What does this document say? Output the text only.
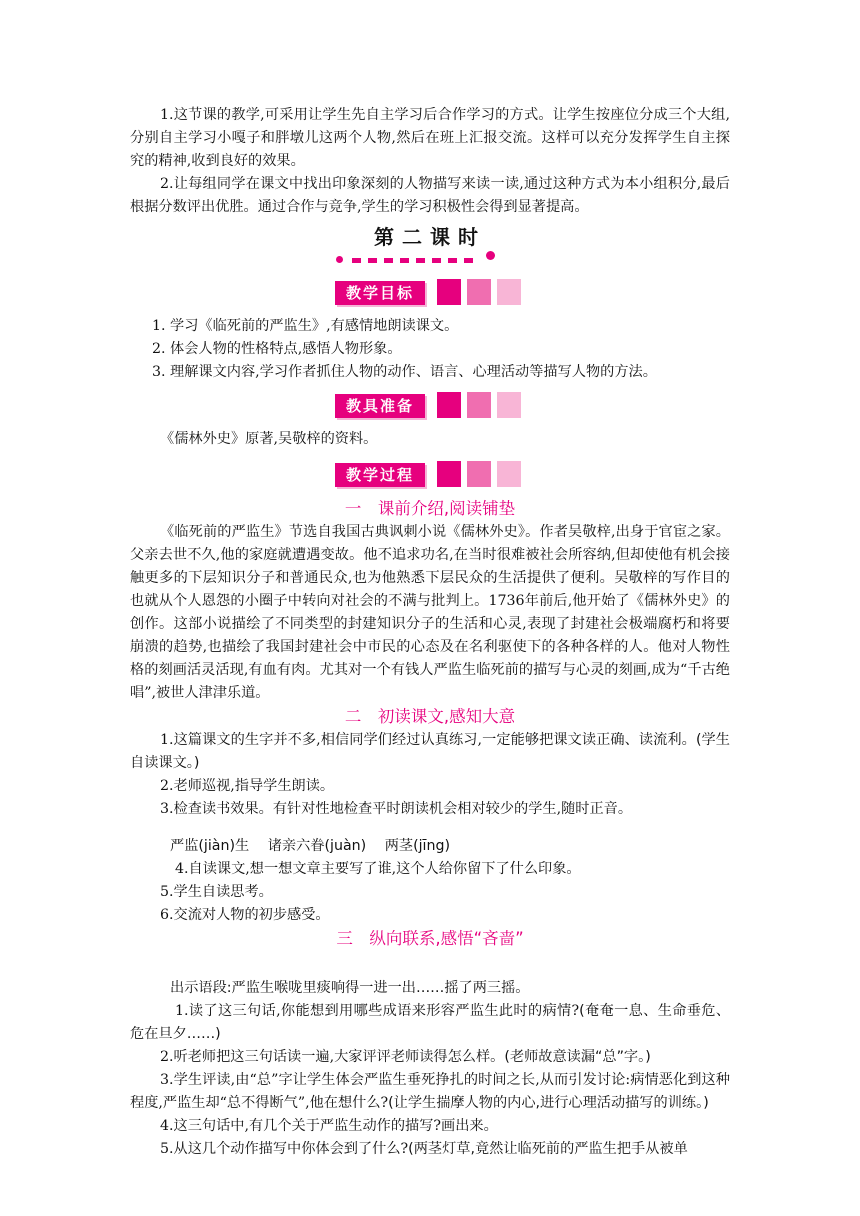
1.这节课的教学,可采用让学生先自主学习后合作学习的方式。让学生按座位分成三个大组,分别自主学习小嘎子和胖墩儿这两个人物,然后在班上汇报交流。这样可以充分发挥学生自主探究的精神,收到良好的效果。

2.让每组同学在课文中找出印象深刻的人物描写来读一读,通过这种方式为本小组积分,最后根据分数评出优胜。通过合作与竞争,学生的学习积极性会得到显著提高。

第二课时
教学目标

1. 学习《临死前的严监生》,有感情地朗读课文。

2. 体会人物的性格特点,感悟人物形象。

3. 理解课文内容,学习作者抓住人物的动作、语言、心理活动等描写人物的方法。

教具准备

《儒林外史》原著,吴敬梓的资料。

教学过程

一　课前介绍,阅读铺垫

《临死前的严监生》节选自我国古典讽刺小说《儒林外史》。作者吴敬梓,出身于官宦之家。父亲去世不久,他的家庭就遭遇变故。他不追求功名,在当时很难被社会所容纳,但却使他有机会接触更多的下层知识分子和普通民众,也为他熟悉下层民众的生活提供了便利。吴敬梓的写作目的也就从个人恩怨的小圈子中转向对社会的不满与批判上。1736年前后,他开始了《儒林外史》的创作。这部小说描绘了不同类型的封建知识分子的生活和心灵,表现了封建社会极端腐朽和将要崩溃的趋势,也描绘了我国封建社会中市民的心态及在名利驱使下的各种各样的人。他对人物性格的刻画活灵活现,有血有肉。尤其对一个有钱人严监生临死前的描写与心灵的刻画,成为“千古绝唱”,被世人津津乐道。

二　初读课文,感知大意

1.这篇课文的生字并不多,相信同学们经过认真练习,一定能够把课文读正确、读流利。(学生自读课文。)

2.老师巡视,指导学生朗读。

3.检查读书效果。有针对性地检查平时朗读机会相对较少的学生,随时正音。

严监(jiàn)生 诸亲六眷(juàn) 两茎(jīng)

4.自读课文,想一想文章主要写了谁,这个人给你留下了什么印象。

5.学生自读思考。

6.交流对人物的初步感受。

三　纵向联系,感悟“吝啬”

出示语段:严监生喉咙里痰响得一进一出……摇了两三摇。

1.读了这三句话,你能想到用哪些成语来形容严监生此时的病情?(奄奄一息、生命垂危、危在旦夕……)

2.听老师把这三句话读一遍,大家评评老师读得怎么样。(老师故意读漏“总”字。)

3.学生评读,由“总”字让学生体会严监生垂死挣扎的时间之长,从而引发讨论:病情恶化到这种程度,严监生却“总不得断气”,他在想什么?(让学生揣摩人物的内心,进行心理活动描写的训练。)

4.这三句话中,有几个关于严监生动作的描写?画出来。

5.从这几个动作描写中你体会到了什么?(两茎灯草,竟然让临死前的严监生把手从被单
